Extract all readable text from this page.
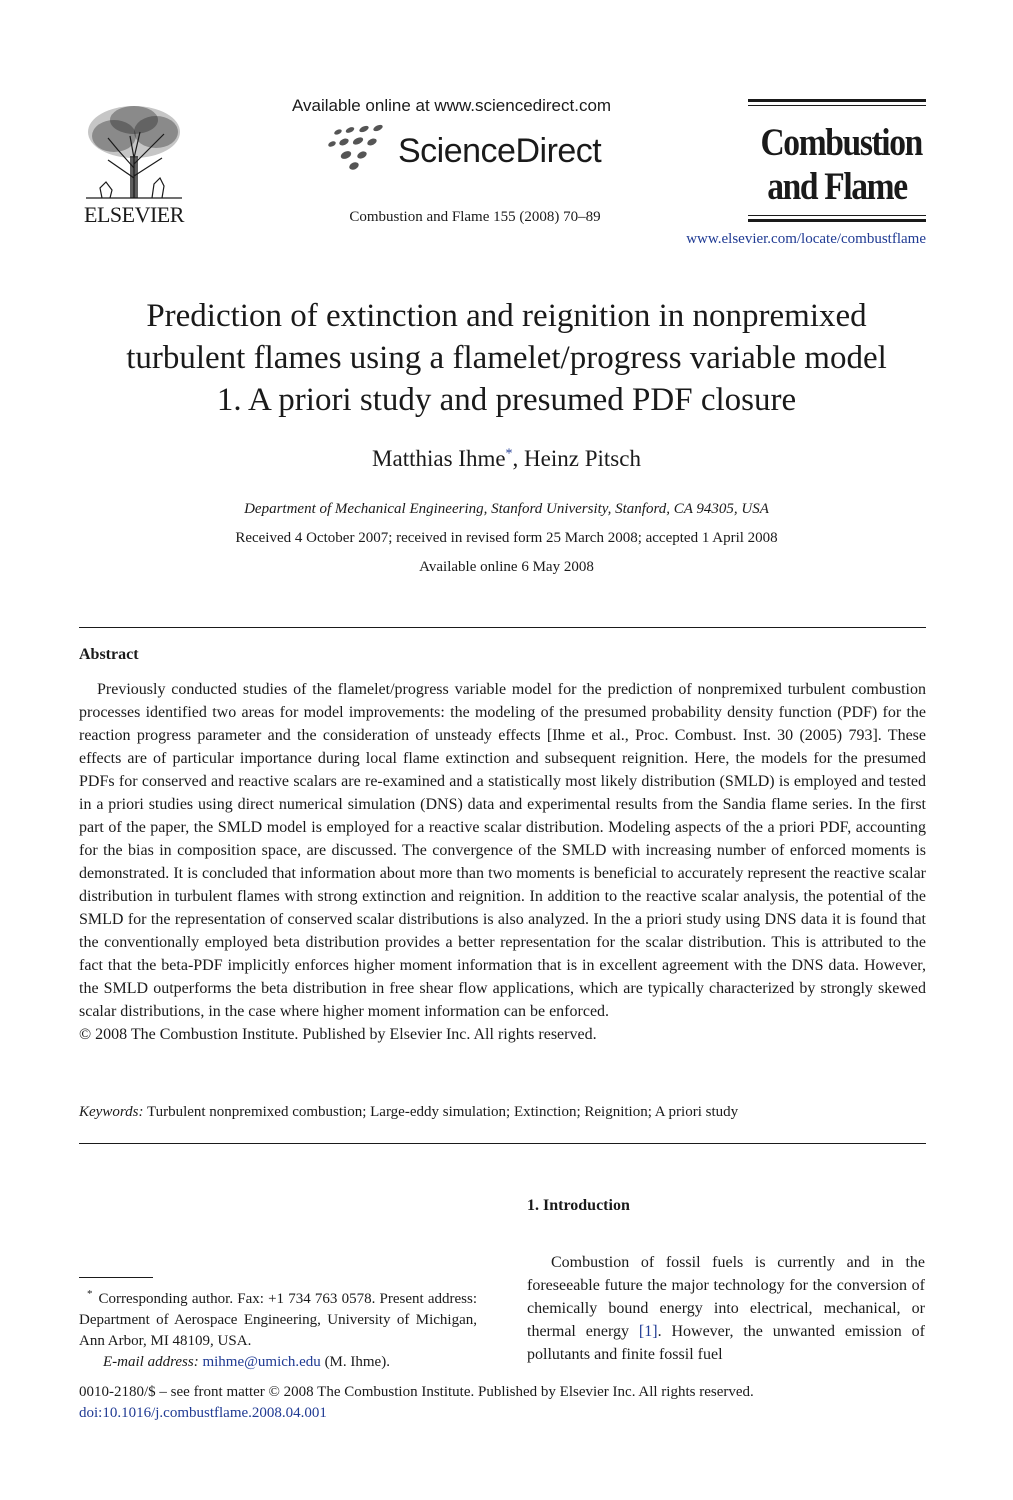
ELSEVIER
Available online at www.sciencedirect.com
ScienceDirect
Combustion and Flame 155 (2008) 70–89
Combustion
and Flame
www.elsevier.com/locate/combustflame
Prediction of extinction and reignition in nonpremixed
turbulent flames using a flamelet/progress variable model
1. A priori study and presumed PDF closure
Matthias Ihme*, Heinz Pitsch
Department of Mechanical Engineering, Stanford University, Stanford, CA 94305, USA
Received 4 October 2007; received in revised form 25 March 2008; accepted 1 April 2008
Available online 6 May 2008
Abstract

Previously conducted studies of the flamelet/progress variable model for the prediction of nonpremixed turbulent combustion processes identified two areas for model improvements: the modeling of the presumed probability density function (PDF) for the reaction progress parameter and the consideration of unsteady effects [Ihme et al., Proc. Combust. Inst. 30 (2005) 793]. These effects are of particular importance during local flame extinction and subsequent reignition. Here, the models for the presumed PDFs for conserved and reactive scalars are re-examined and a statistically most likely distribution (SMLD) is employed and tested in a priori studies using direct numerical simulation (DNS) data and experimental results from the Sandia flame series. In the first part of the paper, the SMLD model is employed for a reactive scalar distribution. Modeling aspects of the a priori PDF, accounting for the bias in composition space, are discussed. The convergence of the SMLD with increasing number of enforced moments is demonstrated. It is concluded that information about more than two moments is beneficial to accurately represent the reactive scalar distribution in turbulent flames with strong extinction and reignition. In addition to the reactive scalar analysis, the potential of the SMLD for the representation of conserved scalar distributions is also analyzed. In the a priori study using DNS data it is found that the conventionally employed beta distribution provides a better representation for the scalar distribution. This is attributed to the fact that the beta-PDF implicitly enforces higher moment information that is in excellent agreement with the DNS data. However, the SMLD outperforms the beta distribution in free shear flow applications, which are typically characterized by strongly skewed scalar distributions, in the case where higher moment information can be enforced.

© 2008 The Combustion Institute. Published by Elsevier Inc. All rights reserved.

Keywords: Turbulent nonpremixed combustion; Large-eddy simulation; Extinction; Reignition; A priori study
1. Introduction

Combustion of fossil fuels is currently and in the foreseeable future the major technology for the conversion of chemically bound energy into electrical, mechanical, or thermal energy [1]. However, the unwanted emission of pollutants and finite fossil fuel

* Corresponding author. Fax: +1 734 763 0578. Present address: Department of Aerospace Engineering, University of Michigan, Ann Arbor, MI 48109, USA.
E-mail address: mihme@umich.edu (M. Ihme).
0010-2180/$ – see front matter © 2008 The Combustion Institute. Published by Elsevier Inc. All rights reserved.
doi:10.1016/j.combustflame.2008.04.001
